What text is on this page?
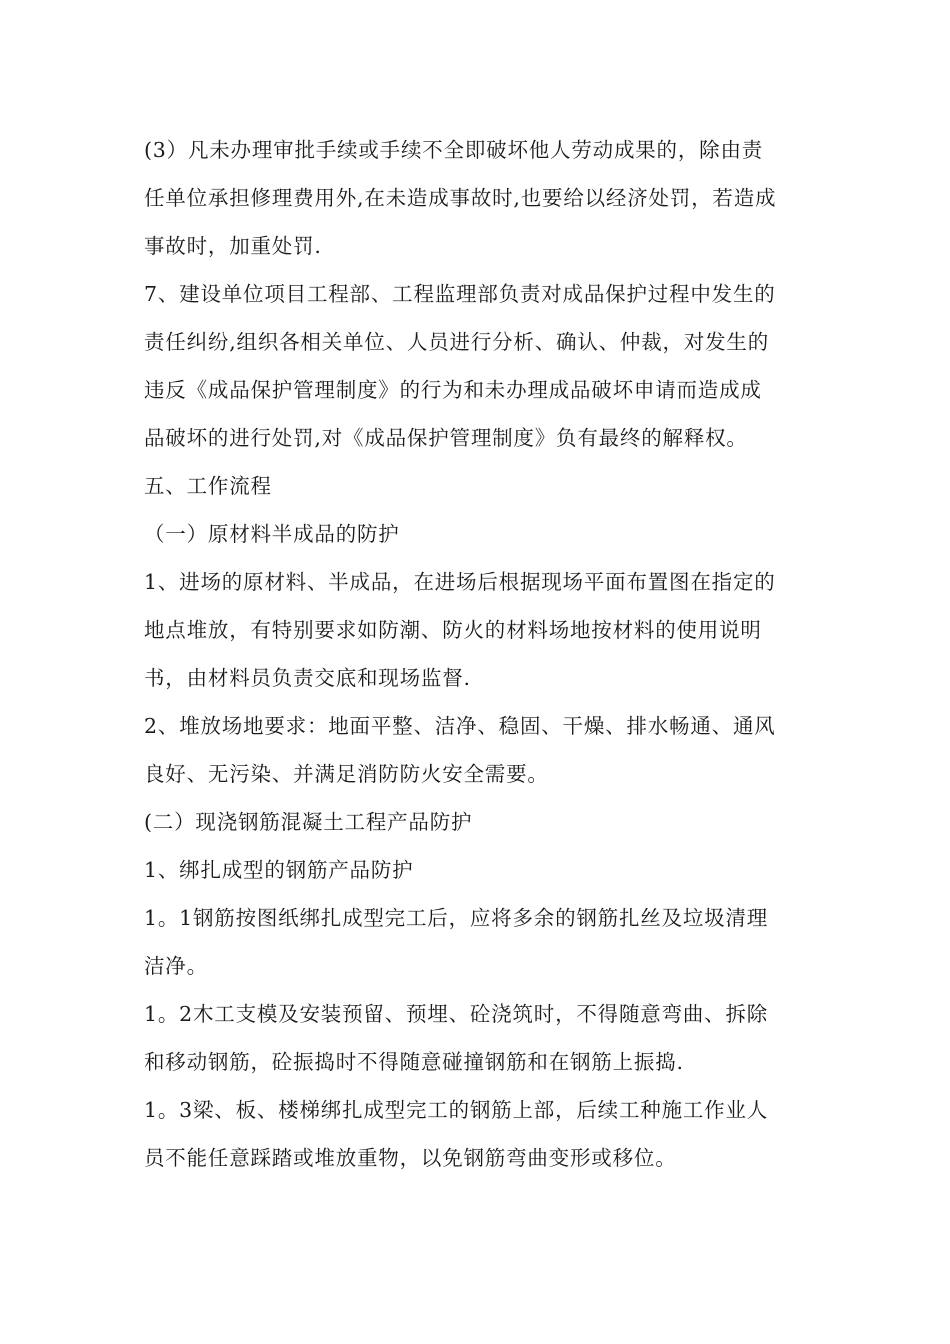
(3）凡未办理审批手续或手续不全即破坏他人劳动成果的，除由责

任单位承担修理费用外,在未造成事故时,也要给以经济处罚，若造成

事故时，加重处罚.

7、建设单位项目工程部、工程监理部负责对成品保护过程中发生的

责任纠纷,组织各相关单位、人员进行分析、确认、仲裁，对发生的

违反《成品保护管理制度》的行为和未办理成品破坏申请而造成成

品破坏的进行处罚,对《成品保护管理制度》负有最终的解释权。

五、工作流程

（一）原材料半成品的防护

1、进场的原材料、半成品，在进场后根据现场平面布置图在指定的

地点堆放，有特别要求如防潮、防火的材料场地按材料的使用说明

书，由材料员负责交底和现场监督.

2、堆放场地要求：地面平整、洁净、稳固、干燥、排水畅通、通风

良好、无污染、并满足消防防火安全需要。

(二）现浇钢筋混凝土工程产品防护

1、绑扎成型的钢筋产品防护

1。1钢筋按图纸绑扎成型完工后，应将多余的钢筋扎丝及垃圾清理

洁净。

1。2木工支模及安装预留、预埋、砼浇筑时，不得随意弯曲、拆除

和移动钢筋，砼振捣时不得随意碰撞钢筋和在钢筋上振捣.

1。3梁、板、楼梯绑扎成型完工的钢筋上部，后续工种施工作业人

员不能任意踩踏或堆放重物，以免钢筋弯曲变形或移位。
